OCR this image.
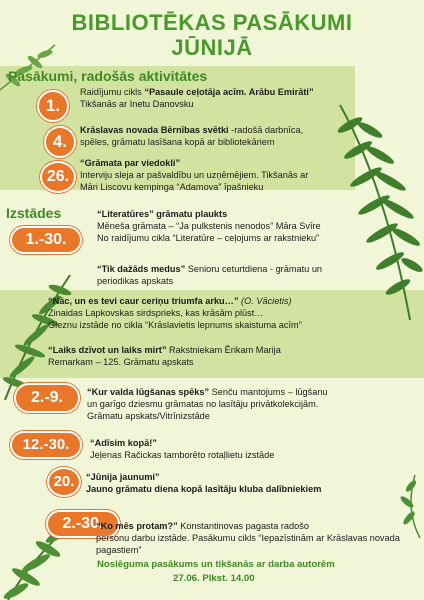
BIBLIOTĒKAS PASĀKUMI
JŪNIJĀ
Pasākumi, radošās aktivitātes
1.
Raidījumu cikls “Pasaule ceļotāja acīm. Arābu Emirāti”
Tikšanās ar Inetu Danovsku
4.
Krāslavas novada Bērnības svētki -radošā darbnīca,
spēles, grāmatu lasīšana kopā ar bibliotekāriem
26.
“Grāmata par viedokli”
Interviju sleja ar pašvaldību un uzņēmējiem. Tikšanās ar
Māri Liscovu kempinga “Adamova” īpašnieku
Izstādes
1.-30.
“Literatūres” grāmatu plaukts
Mēneša grāmata – “Ja pulkstenis nenodos” Māra Svīre
No raidījumu cikla “Literatūre – ceļojums ar rakstnieku”
“Tik dažāds medus” Senioru ceturtdiena - grāmatu un
periodikas apskats
“Nāc, un es tevi caur ceriņu triumfa arku…” (O. Vācietis)
Zinaidas Lapkovskas sirdsprieks, kas krāsām plūst…
Gleznu izstāde no cikla “Krāslavietis lepnums skaistuma acīm”
“Laiks dzīvot un laiks mirt” Rakstniekam Ērikam Marija
Remarkam – 125. Grāmatu apskats
2.-9.	“Kur valda lūgšanas spēks” Senču mantojums – lūgšanu
un garīgo dziesmu grāmatas no lasītāju privātkolekcijām.
Grāmatu apskats/Vitrīnizstāde
12.-30.	“Adīsim kopā!”
Jeļenas Račickas tamborēto rotaļlietu izstāde
20.	“Jūnija jaunumi”
Jauno grāmatu diena kopā lasītāju kluba dalībniekiem
2.-30.
“Ko mēs protam?” Konstantinovas pagasta radošo
personu darbu izstāde. Pasākumu cikls “Iepazīstinām ar Krāslavas novada
pagastiem”
Noslēguma pasākums un tikšanās ar darba autorēm
27.06. Plkst. 14.00
